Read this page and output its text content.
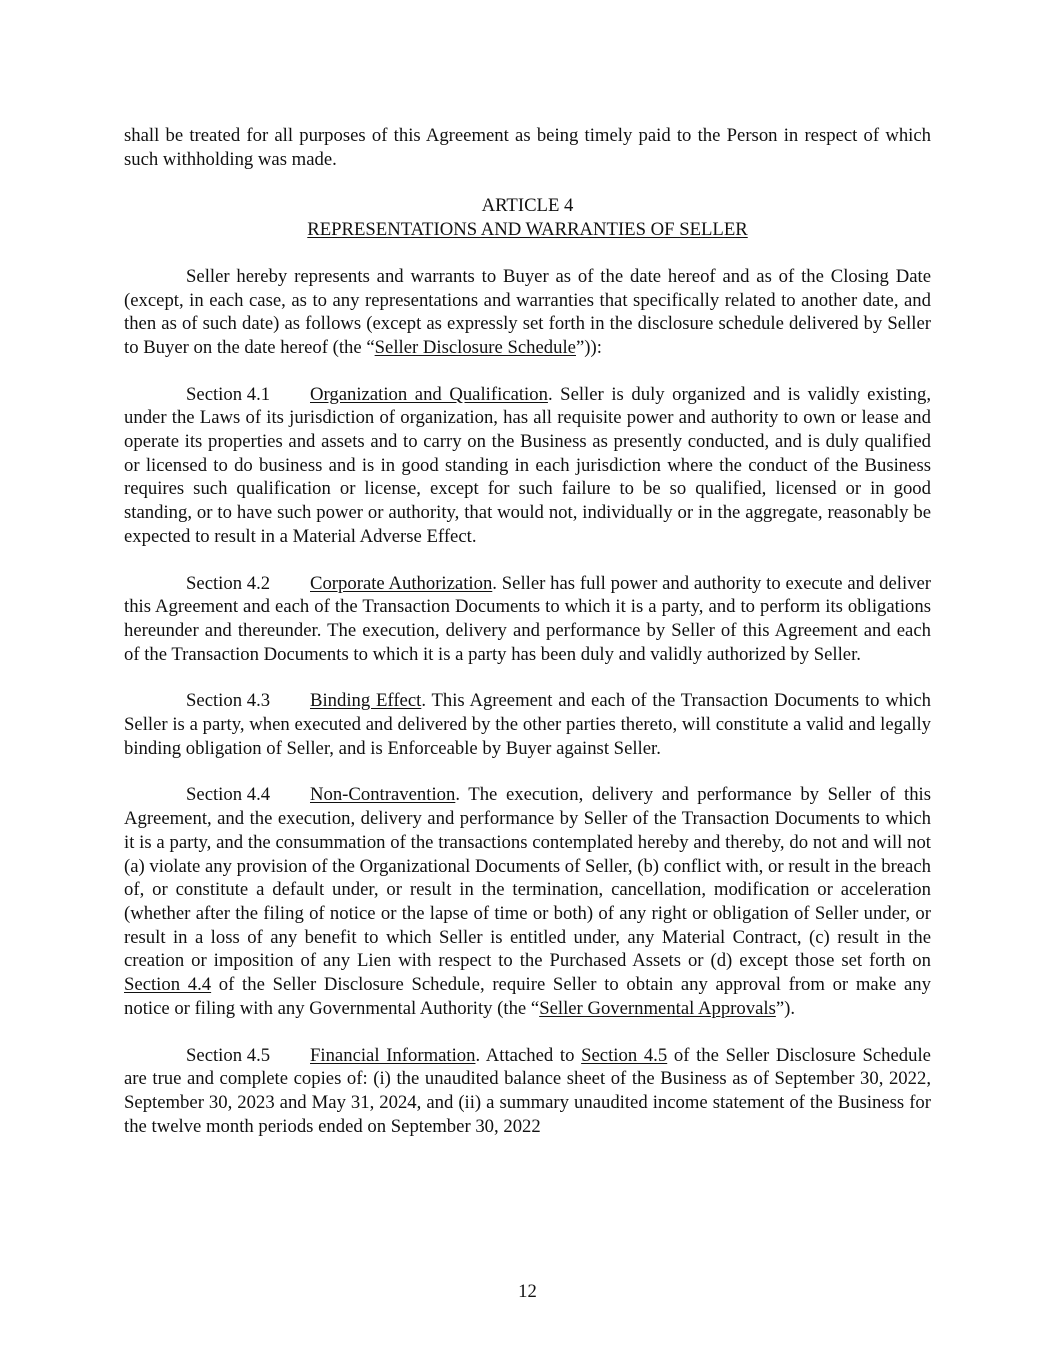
shall be treated for all purposes of this Agreement as being timely paid to the Person in respect of which such withholding was made.

ARTICLE 4

REPRESENTATIONS AND WARRANTIES OF SELLER

Seller hereby represents and warrants to Buyer as of the date hereof and as of the Closing Date (except, in each case, as to any representations and warranties that specifically related to another date, and then as of such date) as follows (except as expressly set forth in the disclosure schedule delivered by Seller to Buyer on the date hereof (the “Seller Disclosure Schedule”)):

Section 4.1 Organization and Qualification. Seller is duly organized and is validly existing, under the Laws of its jurisdiction of organization, has all requisite power and authority to own or lease and operate its properties and assets and to carry on the Business as presently conducted, and is duly qualified or licensed to do business and is in good standing in each jurisdiction where the conduct of the Business requires such qualification or license, except for such failure to be so qualified, licensed or in good standing, or to have such power or authority, that would not, individually or in the aggregate, reasonably be expected to result in a Material Adverse Effect.

Section 4.2 Corporate Authorization. Seller has full power and authority to execute and deliver this Agreement and each of the Transaction Documents to which it is a party, and to perform its obligations hereunder and thereunder. The execution, delivery and performance by Seller of this Agreement and each of the Transaction Documents to which it is a party has been duly and validly authorized by Seller.

Section 4.3 Binding Effect. This Agreement and each of the Transaction Documents to which Seller is a party, when executed and delivered by the other parties thereto, will constitute a valid and legally binding obligation of Seller, and is Enforceable by Buyer against Seller.

Section 4.4 Non-Contravention. The execution, delivery and performance by Seller of this Agreement, and the execution, delivery and performance by Seller of the Transaction Documents to which it is a party, and the consummation of the transactions contemplated hereby and thereby, do not and will not (a) violate any provision of the Organizational Documents of Seller, (b) conflict with, or result in the breach of, or constitute a default under, or result in the termination, cancellation, modification or acceleration (whether after the filing of notice or the lapse of time or both) of any right or obligation of Seller under, or result in a loss of any benefit to which Seller is entitled under, any Material Contract, (c) result in the creation or imposition of any Lien with respect to the Purchased Assets or (d) except those set forth on Section 4.4 of the Seller Disclosure Schedule, require Seller to obtain any approval from or make any notice or filing with any Governmental Authority (the “Seller Governmental Approvals”).

Section 4.5 Financial Information. Attached to Section 4.5 of the Seller Disclosure Schedule are true and complete copies of: (i) the unaudited balance sheet of the Business as of September 30, 2022, September 30, 2023 and May 31, 2024, and (ii) a summary unaudited income statement of the Business for the twelve month periods ended on September 30, 2022

12
